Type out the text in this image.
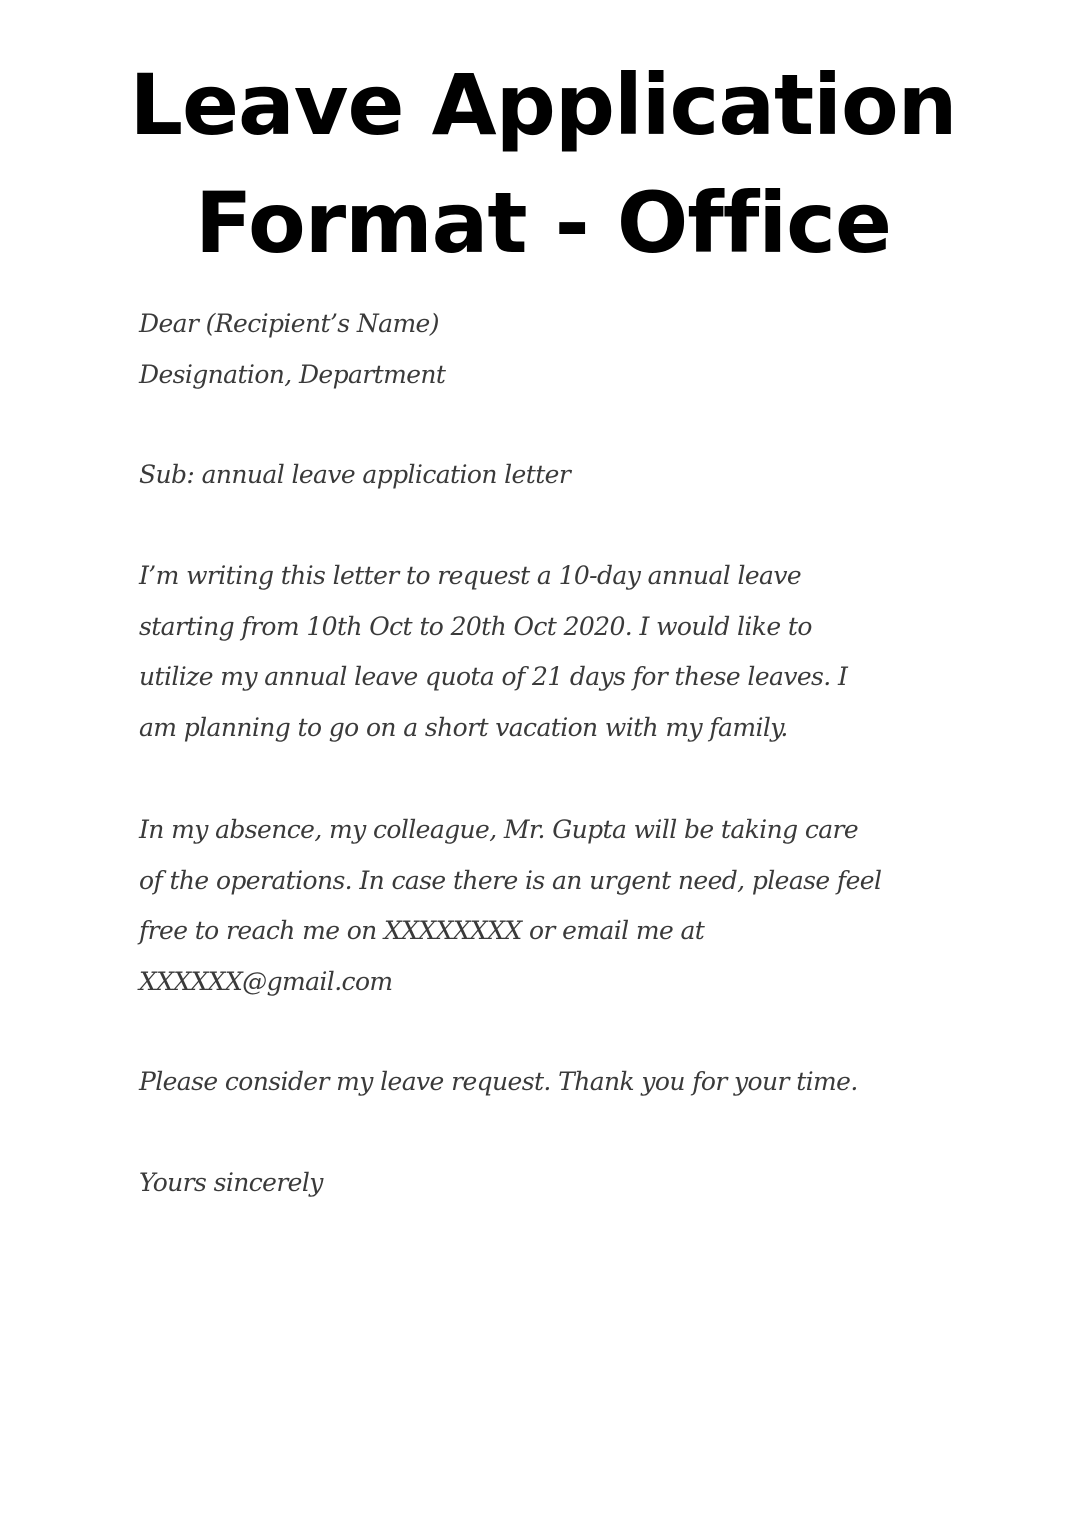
Leave Application
Format - Office
Dear (Recipient’s Name)
Designation, Department
Sub: annual leave application letter
I’m writing this letter to request a 10-day annual leave
starting from 10th Oct to 20th Oct 2020. I would like to
utilize my annual leave quota of 21 days for these leaves. I
am planning to go on a short vacation with my family.
In my absence, my colleague, Mr. Gupta will be taking care
of the operations. In case there is an urgent need, please feel
free to reach me on XXXXXXXX or email me at
XXXXXX@gmail.com
Please consider my leave request. Thank you for your time.
Yours sincerely
